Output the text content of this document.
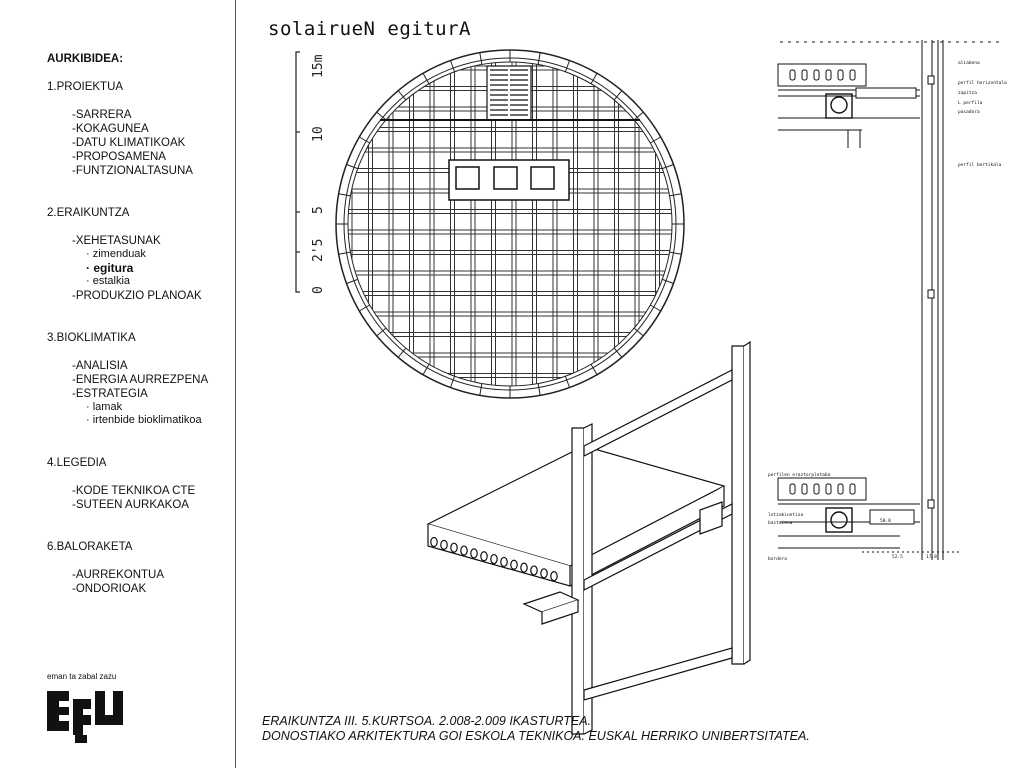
AURKIBIDEA:
1.PROIEKTUA
-SARRERA
-KOKAGUNEA
-DATU KLIMATIKOAK
-PROPOSAMENA
-FUNTZIONALTASUNA
2.ERAIKUNTZA
-XEHETASUNAK
· zimenduak
· egitura
· estalkia
-PRODUKZIO PLANOAK
3.BIOKLIMATIKA
-ANALISIA
-ENERGIA AURREZPENA
-ESTRATEGIA
· lamak
· irtenbide bioklimatikoa
4.LEGEDIA
-KODE TEKNIKOA CTE
-SUTEEN AURKAKOA
6.BALORAKETA
-AURREKONTUA
-ONDORIOAK
eman ta zabal zazu
solairueN egiturA
15m
10
5
2'5
0
aliabena
perfil horizontala
zapitza
L perfila
pasadora
perfil bertikala
perfilen eraztorpletaba
lotzakinetiza
bastoiena
bordera	52.5	17.8
50.8
ERAIKUNTZA III. 5.KURTSOA. 2.008-2.009 IKASTURTEA.
DONOSTIAKO ARKITEKTURA GOI ESKOLA TEKNIKOA. EUSKAL HERRIKO UNIBERTSITATEA.
